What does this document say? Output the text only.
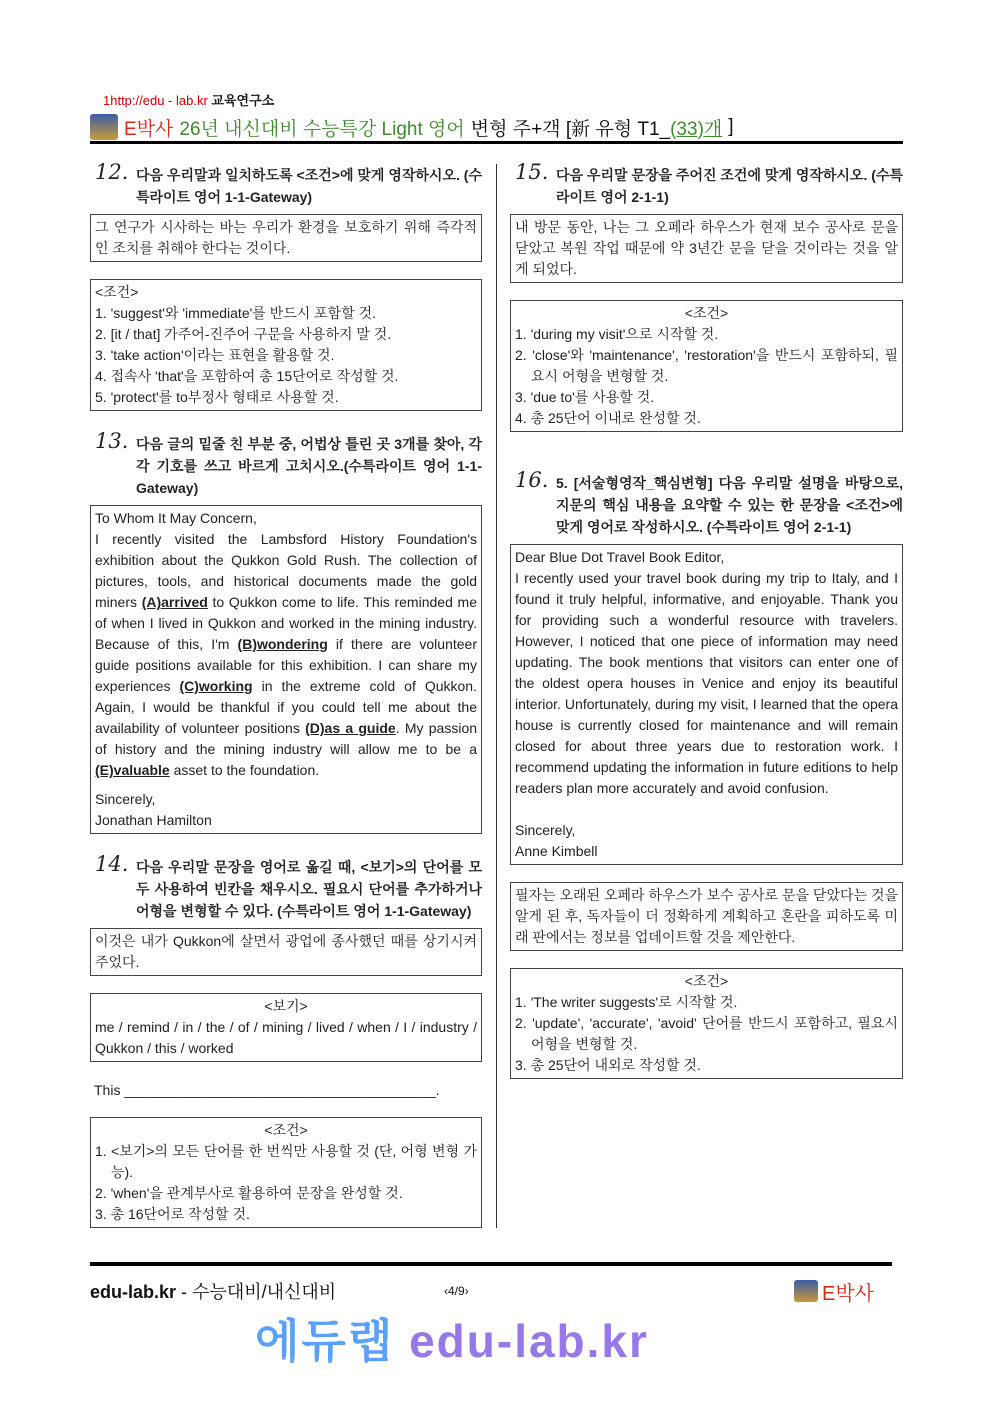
1http://edu - lab.kr 교육연구소
E박사 26년 내신대비 수능특강 Light 영어 변형 주+객 [新 유형 T1_ (33)개 ]
12. 다음 우리말과 일치하도록 <조건>에 맞게 영작하시오. (수특라이트 영어 1-1-Gateway)
그 연구가 시사하는 바는 우리가 환경을 보호하기 위해 즉각적인 조치를 취해야 한다는 것이다.

<조건>

1. 'suggest'와 'immediate'를 반드시 포함할 것.

2. [it / that] 가주어-진주어 구문을 사용하지 말 것.

3. 'take action'이라는 표현을 활용할 것.

4. 접속사 'that'을 포함하여 총 15단어로 작성할 것.

5. 'protect'를 to부정사 형태로 사용할 것.

13. 다음 글의 밑줄 친 부분 중, 어법상 틀린 곳 3개를 찾아, 각각 기호를 쓰고 바르게 고치시오.(수특라이트 영어 1-1-Gateway)

To Whom It May Concern,

I recently visited the Lambsford History Foundation's exhibition about the Qukkon Gold Rush. The collection of pictures, tools, and historical documents made the gold miners (A)arrived to Qukkon come to life. This reminded me of when I lived in Qukkon and worked in the mining industry. Because of this, I'm (B)wondering if there are volunteer guide positions available for this exhibition. I can share my experiences (C)working in the extreme cold of Qukkon. Again, I would be thankful if you could tell me about the availability of volunteer positions (D)as a guide. My passion of history and the mining industry will allow me to be a (E)valuable asset to the foundation.

Sincerely,

Jonathan Hamilton

14. 다음 우리말 문장을 영어로 옮길 때, <보기>의 단어를 모두 사용하여 빈칸을 채우시오. 필요시 단어를 추가하거나 어형을 변형할 수 있다. (수특라이트 영어 1-1-Gateway)
이것은 내가 Qukkon에 살면서 광업에 종사했던 때를 상기시켜 주었다.

<보기>

me / remind / in / the / of / mining / lived / when / I / industry / Qukkon / this / worked

This ________________________________________.

<조건>

1. <보기>의 모든 단어를 한 번씩만 사용할 것 (단, 어형 변형 가능).

2. 'when'을 관계부사로 활용하여 문장을 완성할 것.

3. 총 16단어로 작성할 것.

15. 다음 우리말 문장을 주어진 조건에 맞게 영작하시오. (수특라이트 영어 2-1-1)
내 방문 동안, 나는 그 오페라 하우스가 현재 보수 공사로 문을 닫았고 복원 작업 때문에 약 3년간 문을 닫을 것이라는 것을 알게 되었다.

<조건>

1. 'during my visit'으로 시작할 것.

2. 'close'와 'maintenance', 'restoration'을 반드시 포함하되, 필요시 어형을 변형할 것.

3. 'due to'를 사용할 것.

4. 총 25단어 이내로 완성할 것.

16. 5. [서술형영작_핵심변형] 다음 우리말 설명을 바탕으로, 지문의 핵심 내용을 요약할 수 있는 한 문장을 <조건>에 맞게 영어로 작성하시오. (수특라이트 영어 2-1-1)

Dear Blue Dot Travel Book Editor,

I recently used your travel book during my trip to Italy, and I found it truly helpful, informative, and enjoyable. Thank you for providing such a wonderful resource with travelers. However, I noticed that one piece of information may need updating. The book mentions that visitors can enter one of the oldest opera houses in Venice and enjoy its beautiful interior. Unfortunately, during my visit, I learned that the opera house is currently closed for maintenance and will remain closed for about three years due to restoration work. I recommend updating the information in future editions to help readers plan more accurately and avoid confusion.

Sincerely,

Anne Kimbell

필자는 오래된 오페라 하우스가 보수 공사로 문을 닫았다는 것을 알게 된 후, 독자들이 더 정확하게 계획하고 혼란을 피하도록 미래 판에서는 정보를 업데이트할 것을 제안한다.

<조건>

1. 'The writer suggests'로 시작할 것.

2. 'update', 'accurate', 'avoid' 단어를 반드시 포함하고, 필요시 어형을 변형할 것.

3. 총 25단어 내외로 작성할 것.

edu-lab.kr - 수능대비/내신대비	‹4/9›	E박사
에듀랩 edu-lab.kr
